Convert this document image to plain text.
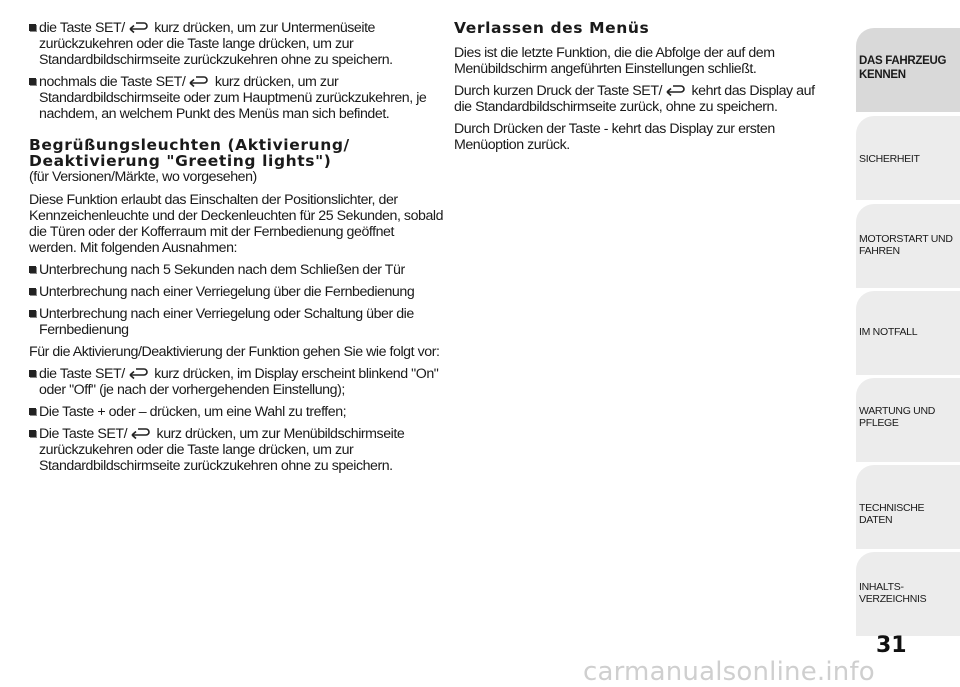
die Taste SET/ kurz drücken, um zur Untermenüseite zurückzukehren oder die Taste lange drücken, um zur Standardbildschirmseite zurückzukehren ohne zu speichern.
nochmals die Taste SET/ kurz drücken, um zur Standardbildschirmseite oder zum Hauptmenü zurückzukehren, je nachdem, an welchem Punkt des Menüs man sich befindet.
Begrüßungsleuchten (Aktivierung/ Deaktivierung "Greeting lights")

(für Versionen/Märkte, wo vorgesehen)

Diese Funktion erlaubt das Einschalten der Positionslichter, der Kennzeichenleuchte und der Deckenleuchten für 25 Sekunden, sobald die Türen oder der Kofferraum mit der Fernbedienung geöffnet werden. Mit folgenden Ausnahmen:

Unterbrechung nach 5 Sekunden nach dem Schließen der Tür
Unterbrechung nach einer Verriegelung über die Fernbedienung
Unterbrechung nach einer Verriegelung oder Schaltung über die Fernbedienung

Für die Aktivierung/Deaktivierung der Funktion gehen Sie wie folgt vor:

die Taste SET/ kurz drücken, im Display erscheint blinkend "On" oder "Off" (je nach der vorhergehenden Einstellung);
Die Taste + oder – drücken, um eine Wahl zu treffen;
Die Taste SET/ kurz drücken, um zur Menübildschirmseite zurückzukehren oder die Taste lange drücken, um zur Standardbildschirmseite zurückzukehren ohne zu speichern.
Verlassen des Menüs

Dies ist die letzte Funktion, die die Abfolge der auf dem Menübildschirm angeführten Einstellungen schließt.

Durch kurzen Druck der Taste SET/ kehrt das Display auf die Standardbildschirmseite zurück, ohne zu speichern.

Durch Drücken der Taste - kehrt das Display zur ersten Menüoption zurück.

DAS FAHRZEUG
KENNEN
SICHERHEIT
MOTORSTART UND
FAHREN
IM NOTFALL
WARTUNG UND
PFLEGE
TECHNISCHE DATEN
INHALTS-
VERZEICHNIS
31
carmanualsonline.info
